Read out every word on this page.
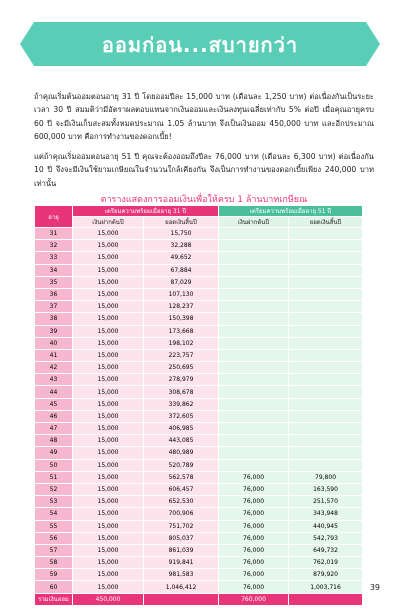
ออมก่อน...สบายกว่า
ถ้าคุณเริ่มต้นออมตอนอายุ 31 ปี โดยออมปีละ 15,000 บาท (เดือนละ 1,250 บาท) ต่อเนื่องกันเป็นระยะเวลา 30 ปี สมมติว่ามีอัตราผลตอบแทนจากเงินออมและเงินลงทุนเฉลี่ยเท่ากับ 5% ต่อปี เมื่อคุณอายุครบ 60 ปี จะมีเงินเก็บสะสมทั้งหมดประมาณ 1.05 ล้านบาท จึงเป็นเงินออม 450,000 บาท และอีกประมาณ 600,000 บาท คือการทำงานของดอกเบี้ย!
แต่ถ้าคุณเริ่มออมตอนอายุ 51 ปี คุณจะต้องออมถึงปีละ 76,000 บาท (เดือนละ 6,300 บาท) ต่อเนื่องกัน 10 ปี จึงจะมีเงินใช้ยามเกษียณในจำนวนใกล้เคียงกัน จึงเป็นการทำงานของดอกเบี้ยเพียง 240,000 บาท เท่านั้น
ตารางแสดงการออมเงินเพื่อให้ครบ 1 ล้านบาทเกษียณ
อายุ	เตรียมความพร้อมเมื่ออายุ 31 ปี		เตรียมความพร้อมเมื่ออายุ 51 ปี	
	เงินฝากต้นปี	ยอดเงินสิ้นปี	เงินฝากต้นปี	ยอดเงินสิ้นปี
31	15,000	15,750		
32	15,000	32,288		
33	15,000	49,652		
34	15,000	67,884		
35	15,000	87,029		
36	15,000	107,130		
37	15,000	128,237		
38	15,000	150,398		
39	15,000	173,668		
40	15,000	198,102		
41	15,000	223,757		
42	15,000	250,695		
43	15,000	278,979		
44	15,000	308,678		
45	15,000	339,862		
46	15,000	372,605		
47	15,000	406,985		
48	15,000	443,085		
49	15,000	480,989		
50	15,000	520,789		
51	15,000	562,578	76,000	79,800
52	15,000	606,457	76,000	163,590
53	15,000	652,530	76,000	251,570
54	15,000	700,906	76,000	343,948
55	15,000	751,702	76,000	440,945
56	15,000	805,037	76,000	542,793
57	15,000	861,039	76,000	649,732
58	15,000	919,841	76,000	762,019
59	15,000	981,583	76,000	879,920
60	15,000	1,046,412	76,000	1,003,716
รวมเงินออม	450,000		760,000	
39
